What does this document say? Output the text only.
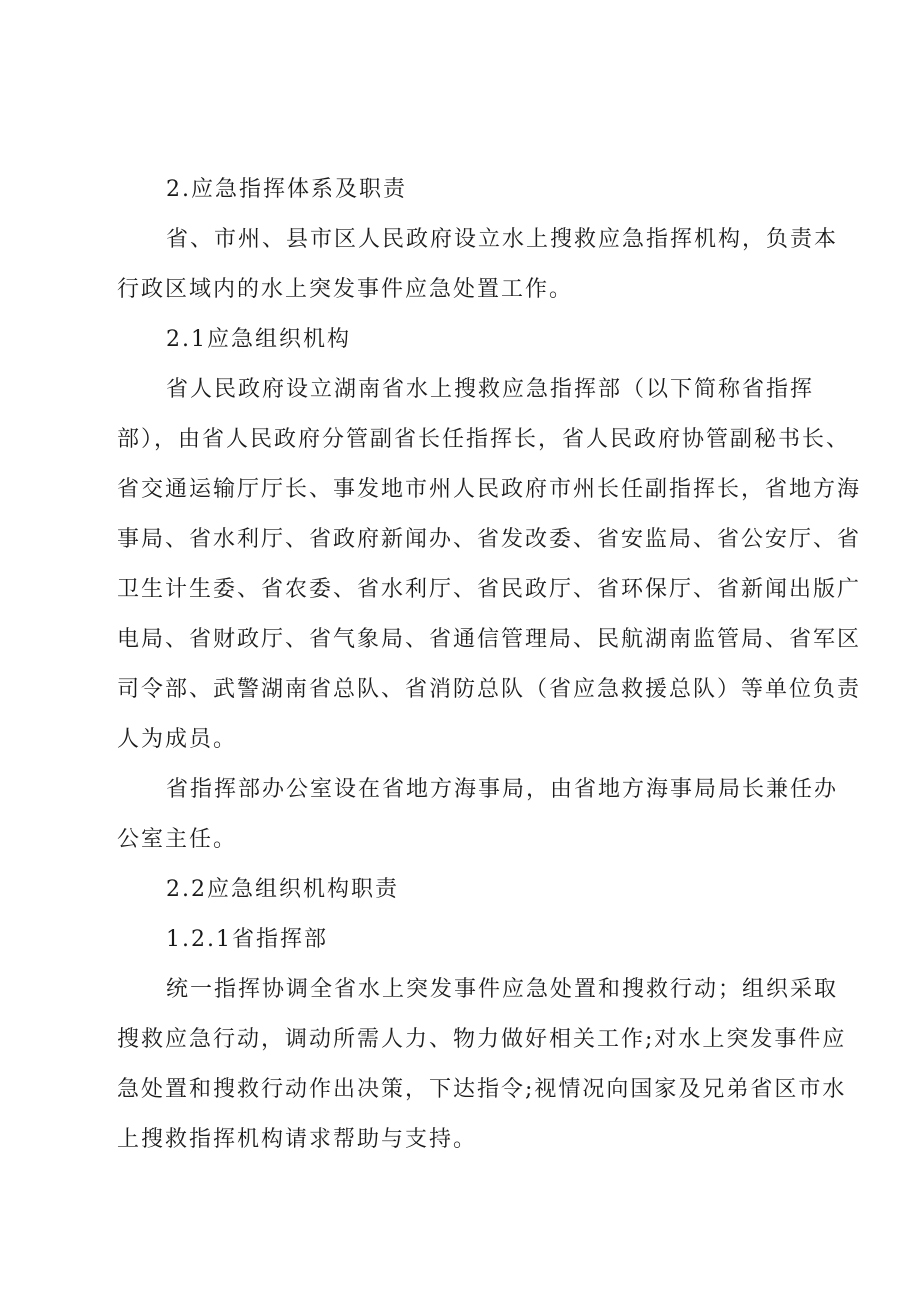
2.应急指挥体系及职责
省、市州、县市区人民政府设立水上搜救应急指挥机构，负责本
行政区域内的水上突发事件应急处置工作。
2.1应急组织机构
省人民政府设立湖南省水上搜救应急指挥部（以下简称省指挥
部），由省人民政府分管副省长任指挥长，省人民政府协管副秘书长、
省交通运输厅厅长、事发地市州人民政府市州长任副指挥长，省地方海
事局、省水利厅、省政府新闻办、省发改委、省安监局、省公安厅、省
卫生计生委、省农委、省水利厅、省民政厅、省环保厅、省新闻出版广
电局、省财政厅、省气象局、省通信管理局、民航湖南监管局、省军区
司令部、武警湖南省总队、省消防总队（省应急救援总队）等单位负责
人为成员。
省指挥部办公室设在省地方海事局，由省地方海事局局长兼任办
公室主任。
2.2应急组织机构职责
1.2.1省指挥部
统一指挥协调全省水上突发事件应急处置和搜救行动；组织采取
搜救应急行动，调动所需人力、物力做好相关工作;对水上突发事件应
急处置和搜救行动作出决策，下达指令;视情况向国家及兄弟省区市水
上搜救指挥机构请求帮助与支持。
